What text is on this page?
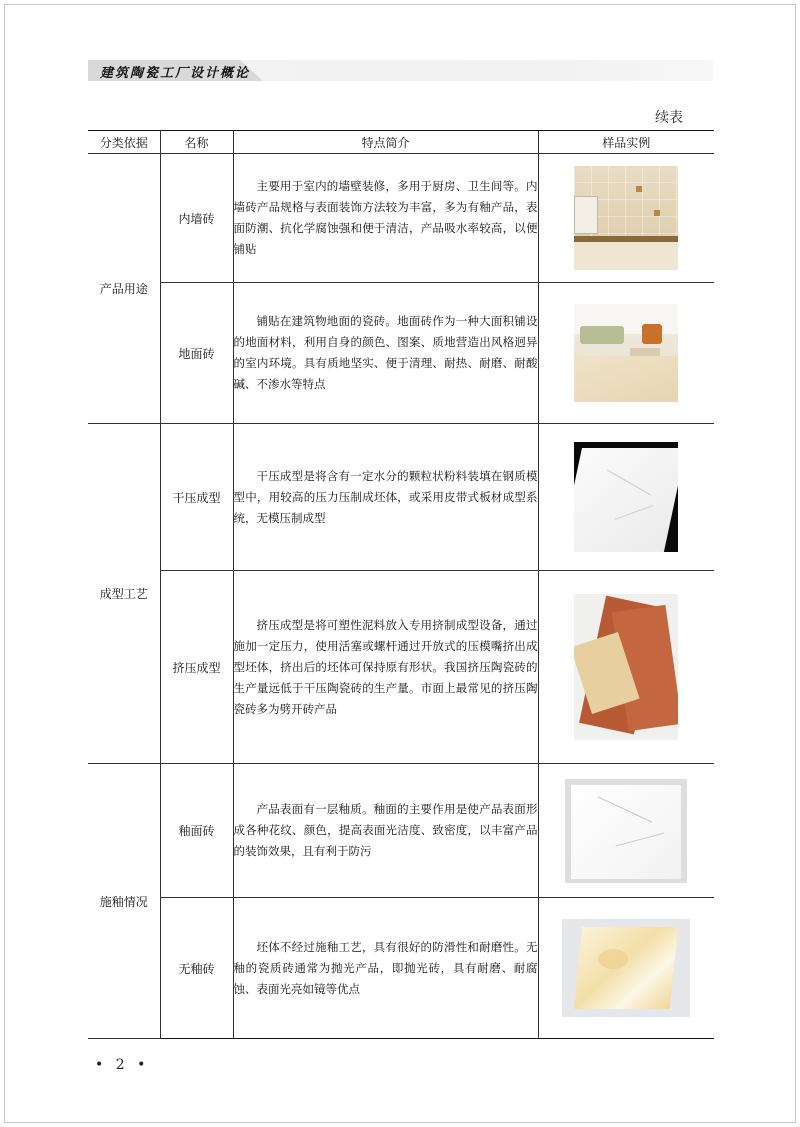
建筑陶瓷工厂设计概论
续表
分类依据	名称	特点简介	样品实例
产品用途	内墙砖	主要用于室内的墙壁装修，多用于厨房、卫生间等。内墙砖产品规格与表面装饰方法较为丰富，多为有釉产品，表面防潮、抗化学腐蚀强和便于清洁，产品吸水率较高，以便铺贴	

	地面砖	铺贴在建筑物地面的瓷砖。地面砖作为一种大面积铺设的地面材料，利用自身的颜色、图案、质地营造出风格迥异的室内环境。具有质地坚实、便于清理、耐热、耐磨、耐酸碱、不渗水等特点	

成型工艺	干压成型	干压成型是将含有一定水分的颗粒状粉料装填在钢质模型中，用较高的压力压制成坯体，或采用皮带式板材成型系统，无模压制成型	

	挤压成型	挤压成型是将可塑性泥料放入专用挤制成型设备，通过施加一定压力，使用活塞或螺杆通过开放式的压模嘴挤出成型坯体，挤出后的坯体可保持原有形状。我国挤压陶瓷砖的生产量远低于干压陶瓷砖的生产量。市面上最常见的挤压陶瓷砖多为劈开砖产品	

施釉情况	釉面砖	产品表面有一层釉质。釉面的主要作用是使产品表面形成各种花纹、颜色，提高表面光洁度、致密度，以丰富产品的装饰效果，且有利于防污	

	无釉砖	坯体不经过施釉工艺，具有很好的防滑性和耐磨性。无釉的瓷质砖通常为抛光产品，即抛光砖，具有耐磨、耐腐蚀、表面光亮如镜等优点	

• 2 •
